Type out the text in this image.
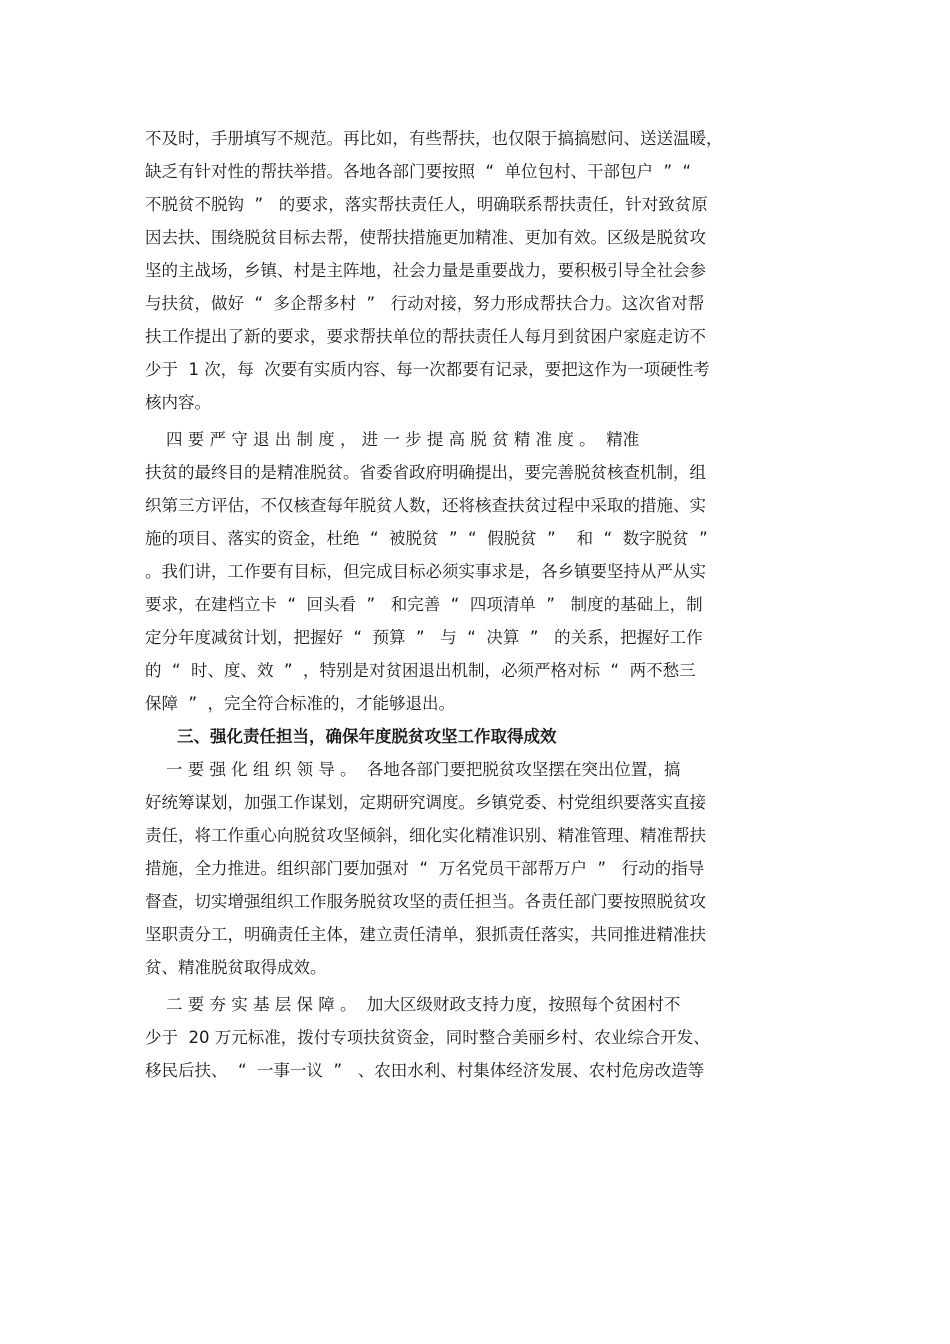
不及时，手册填写不规范。再比如，有些帮扶，也仅限于搞搞慰问、送送温暖，
缺乏有针对性的帮扶举措。各地各部门要按照  “  单位包村、干部包户  ”  “
不脱贫不脱钩  ”   的要求，落实帮扶责任人，明确联系帮扶责任，针对致贫原
因去扶、围绕脱贫目标去帮，使帮扶措施更加精准、更加有效。区级是脱贫攻
坚的主战场，乡镇、村是主阵地，社会力量是重要战力，要积极引导全社会参
与扶贫，做好  “  多企帮多村  ”   行动对接，努力形成帮扶合力。这次省对帮
扶工作提出了新的要求，要求帮扶单位的帮扶责任人每月到贫困户家庭走访不
少于  1 次，每  次要有实质内容、每一次都要有记录，要把这作为一项硬性考
核内容。
四 要 严 守 退 出 制 度 ， 进 一 步 提 高 脱 贫 精 准 度 。  精准
扶贫的最终目的是精准脱贫。省委省政府明确提出，要完善脱贫核查机制，组
织第三方评估，不仅核查每年脱贫人数，还将核查扶贫过程中采取的措施、实
施的项目、落实的资金，杜绝  “  被脱贫  ”  “  假脱贫  ”    和  “  数字脱贫  ”
。我们讲，工作要有目标，但完成目标必须实事求是，各乡镇要坚持从严从实
要求，在建档立卡  “  回头看  ”   和完善  “  四项清单  ”   制度的基础上，制
定分年度减贫计划，把握好  “  预算  ”   与  “  决算  ”   的关系，把握好工作
的  “  时、度、效  ”  ，特别是对贫困退出机制，必须严格对标  “  两不愁三
保障  ”  ，完全符合标准的，才能够退出。
三、强化责任担当，确保年度脱贫攻坚工作取得成效
一 要 强 化 组 织 领 导 。  各地各部门要把脱贫攻坚摆在突出位置，搞
好统筹谋划，加强工作谋划，定期研究调度。乡镇党委、村党组织要落实直接
责任，将工作重心向脱贫攻坚倾斜，细化实化精准识别、精准管理、精准帮扶
措施，全力推进。组织部门要加强对  “  万名党员干部帮万户  ”   行动的指导
督查，切实增强组织工作服务脱贫攻坚的责任担当。各责任部门要按照脱贫攻
坚职责分工，明确责任主体，建立责任清单，狠抓责任落实，共同推进精准扶
贫、精准脱贫取得成效。
二 要 夯 实 基 层 保 障 。  加大区级财政支持力度，按照每个贫困村不
少于  20 万元标准，拨付专项扶贫资金，同时整合美丽乡村、农业综合开发、
移民后扶、  “  一事一议  ”   、农田水利、村集体经济发展、农村危房改造等
